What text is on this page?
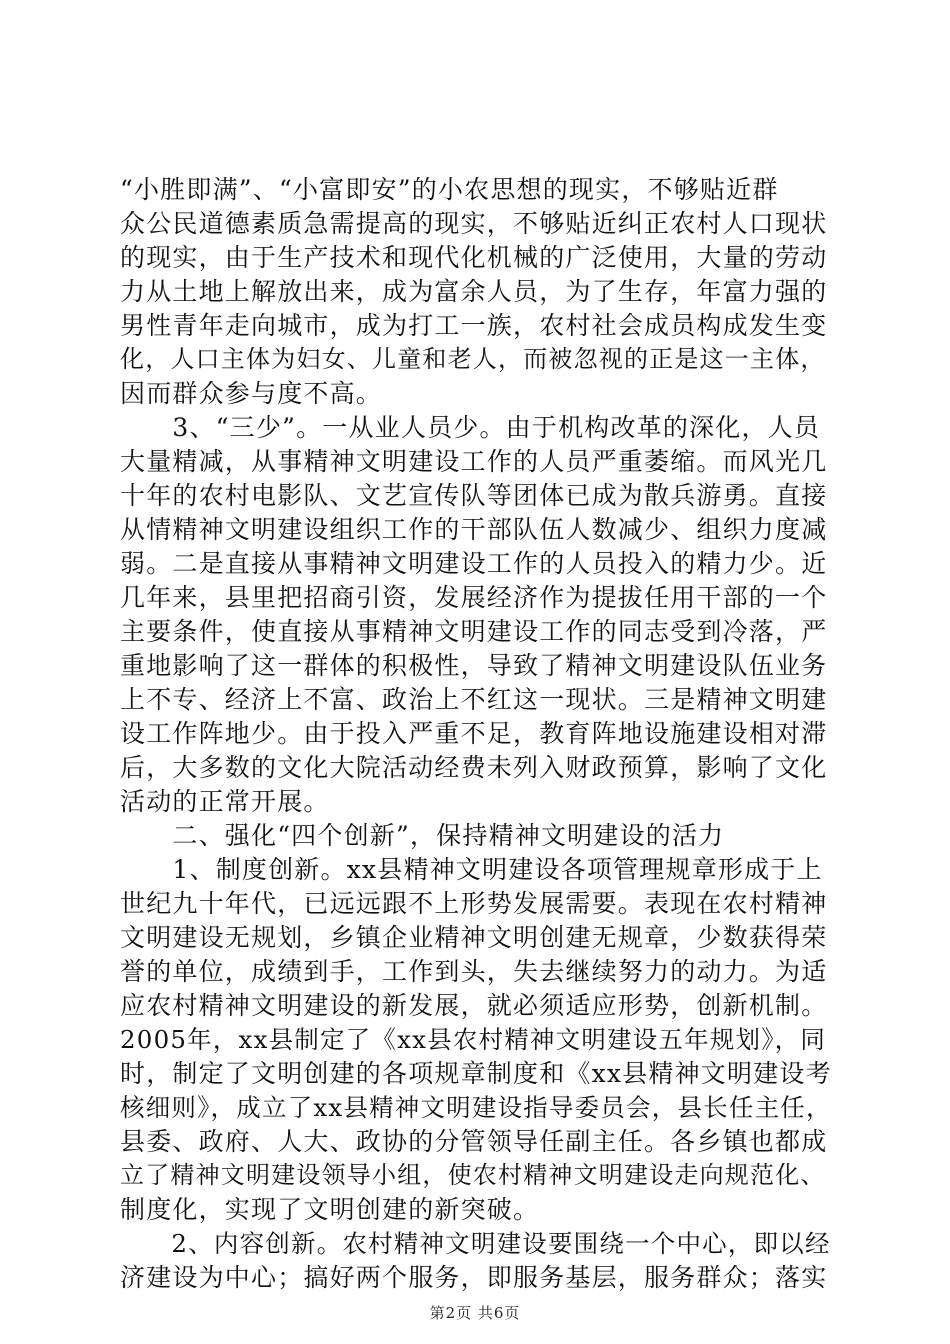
“小胜即满”、“小富即安”的小农思想的现实，不够贴近群
众公民道德素质急需提高的现实，不够贴近纠正农村人口现状
的现实，由于生产技术和现代化机械的广泛使用，大量的劳动
力从土地上解放出来，成为富余人员，为了生存，年富力强的
男性青年走向城市，成为打工一族，农村社会成员构成发生变
化，人口主体为妇女、儿童和老人，而被忽视的正是这一主体，
因而群众参与度不高。
　　3、“三少”。一从业人员少。由于机构改革的深化，人员
大量精减，从事精神文明建设工作的人员严重萎缩。而风光几
十年的农村电影队、文艺宣传队等团体已成为散兵游勇。直接
从情精神文明建设组织工作的干部队伍人数减少、组织力度减
弱。二是直接从事精神文明建设工作的人员投入的精力少。近
几年来，县里把招商引资，发展经济作为提拔任用干部的一个
主要条件，使直接从事精神文明建设工作的同志受到冷落，严
重地影响了这一群体的积极性，导致了精神文明建设队伍业务
上不专、经济上不富、政治上不红这一现状。三是精神文明建
设工作阵地少。由于投入严重不足，教育阵地设施建设相对滞
后，大多数的文化大院活动经费未列入财政预算，影响了文化
活动的正常开展。
　　二、强化“四个创新”，保持精神文明建设的活力
　　1、制度创新。xx县精神文明建设各项管理规章形成于上
世纪九十年代，已远远跟不上形势发展需要。表现在农村精神
文明建设无规划，乡镇企业精神文明创建无规章，少数获得荣
誉的单位，成绩到手，工作到头，失去继续努力的动力。为适
应农村精神文明建设的新发展，就必须适应形势，创新机制。
2005年，xx县制定了《xx县农村精神文明建设五年规划》，同
时，制定了文明创建的各项规章制度和《xx县精神文明建设考
核细则》，成立了xx县精神文明建设指导委员会，县长任主任，
县委、政府、人大、政协的分管领导任副主任。各乡镇也都成
立了精神文明建设领导小组，使农村精神文明建设走向规范化、
制度化，实现了文明创建的新突破。
　　2、内容创新。农村精神文明建设要围绕一个中心，即以经
济建设为中心；搞好两个服务，即服务基层，服务群众；落实
第2页 共6页
